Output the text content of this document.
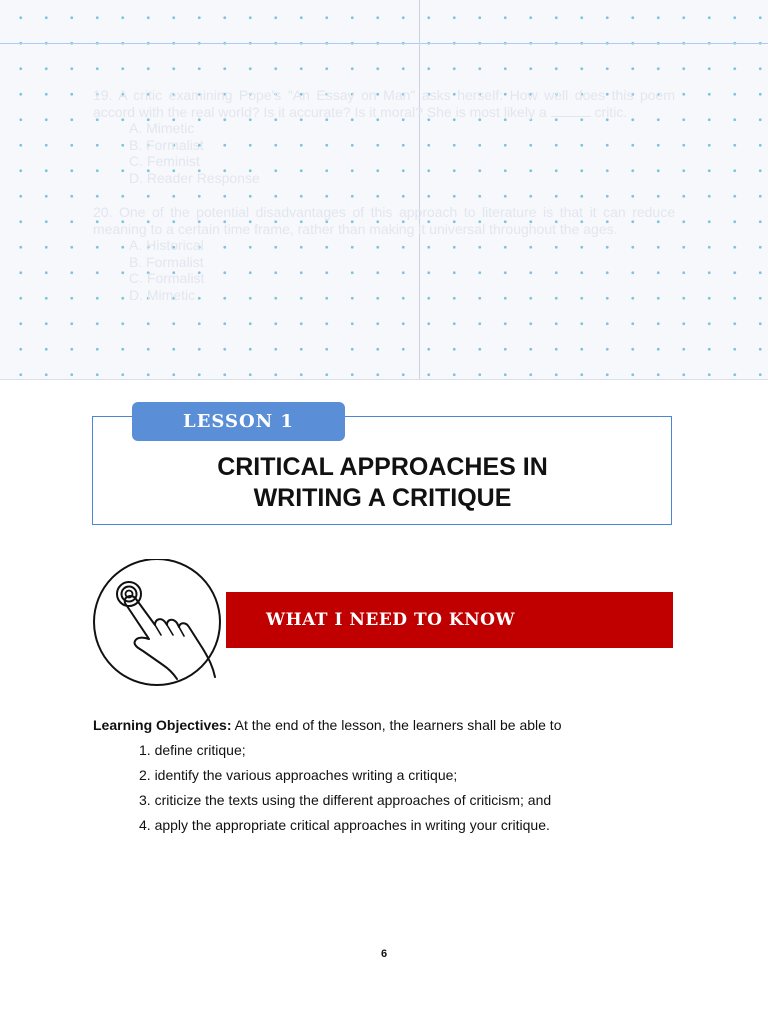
19. A critic examining Pope's "An Essay on Man" asks herself: How well does this poem accord with the real world? Is it accurate? Is it moral? She is most likely a	critic.

A. Mimetic

B. Formalist

C. Feminist

D. Reader Response

20. One of the potential disadvantages of this approach to literature is that it can reduce meaning to a certain time frame, rather than making it universal throughout the ages.

A. Historical

B. Formalist

C. Formalist

D. Mimetic

LESSON 1
CRITICAL APPROACHES IN
WRITING A CRITIQUE
WHAT I NEED TO KNOW

Learning Objectives: At the end of the lesson, the learners shall be able to

1. define critique;
2. identify the various approaches writing a critique;
3. criticize the texts using the different approaches of criticism; and
4. apply the appropriate critical approaches in writing your critique.
6
